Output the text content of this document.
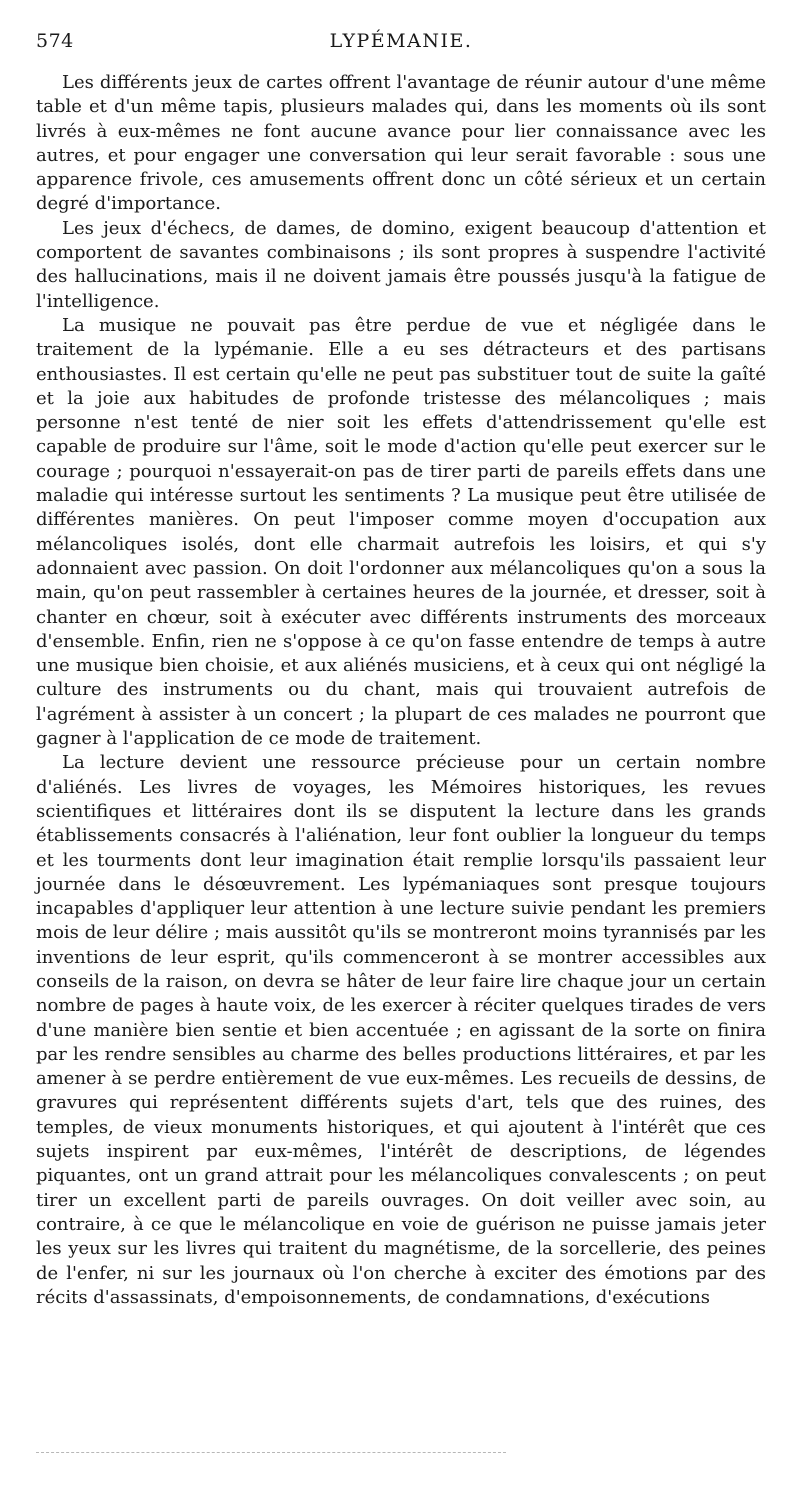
574	LYPÉMANIE.

Les différents jeux de cartes offrent l'avantage de réunir autour d'une même table et d'un même tapis, plusieurs malades qui, dans les moments où ils sont livrés à eux-mêmes ne font aucune avance pour lier connaissance avec les autres, et pour engager une conversation qui leur serait favorable : sous une apparence frivole, ces amusements offrent donc un côté sérieux et un certain degré d'importance.

Les jeux d'échecs, de dames, de domino, exigent beaucoup d'attention et comportent de savantes combinaisons ; ils sont propres à suspendre l'activité des hallucinations, mais il ne doivent jamais être poussés jusqu'à la fatigue de l'intelligence.

La musique ne pouvait pas être perdue de vue et négligée dans le traitement de la lypémanie. Elle a eu ses détracteurs et des partisans enthousiastes. Il est certain qu'elle ne peut pas substituer tout de suite la gaîté et la joie aux habitudes de profonde tristesse des mélancoliques ; mais personne n'est tenté de nier soit les effets d'attendrissement qu'elle est capable de produire sur l'âme, soit le mode d'action qu'elle peut exercer sur le courage ; pourquoi n'essayerait-on pas de tirer parti de pareils effets dans une maladie qui intéresse surtout les sentiments ? La musique peut être utilisée de différentes manières. On peut l'imposer comme moyen d'occupation aux mélancoliques isolés, dont elle charmait autrefois les loisirs, et qui s'y adonnaient avec passion. On doit l'ordonner aux mélancoliques qu'on a sous la main, qu'on peut rassembler à certaines heures de la journée, et dresser, soit à chanter en chœur, soit à exécuter avec différents instruments des morceaux d'ensemble. Enfin, rien ne s'oppose à ce qu'on fasse entendre de temps à autre une musique bien choisie, et aux aliénés musiciens, et à ceux qui ont négligé la culture des instruments ou du chant, mais qui trouvaient autrefois de l'agrément à assister à un concert ; la plupart de ces malades ne pourront que gagner à l'application de ce mode de traitement.

La lecture devient une ressource précieuse pour un certain nombre d'aliénés. Les livres de voyages, les Mémoires historiques, les revues scientifiques et littéraires dont ils se disputent la lecture dans les grands établissements consacrés à l'aliénation, leur font oublier la longueur du temps et les tourments dont leur imagination était remplie lorsqu'ils passaient leur journée dans le désœuvrement. Les lypémaniaques sont presque toujours incapables d'appliquer leur attention à une lecture suivie pendant les premiers mois de leur délire ; mais aussitôt qu'ils se montreront moins tyrannisés par les inventions de leur esprit, qu'ils commenceront à se montrer accessibles aux conseils de la raison, on devra se hâter de leur faire lire chaque jour un certain nombre de pages à haute voix, de les exercer à réciter quelques tirades de vers d'une manière bien sentie et bien accentuée ; en agissant de la sorte on finira par les rendre sensibles au charme des belles productions littéraires, et par les amener à se perdre entièrement de vue eux-mêmes. Les recueils de dessins, de gravures qui représentent différents sujets d'art, tels que des ruines, des temples, de vieux monuments historiques, et qui ajoutent à l'intérêt que ces sujets inspirent par eux-mêmes, l'intérêt de descriptions, de légendes piquantes, ont un grand attrait pour les mélancoliques convalescents ; on peut tirer un excellent parti de pareils ouvrages. On doit veiller avec soin, au contraire, à ce que le mélancolique en voie de guérison ne puisse jamais jeter les yeux sur les livres qui traitent du magnétisme, de la sorcellerie, des peines de l'enfer, ni sur les journaux où l'on cherche à exciter des émotions par des récits d'assassinats, d'empoisonnements, de condamnations, d'exécutions
